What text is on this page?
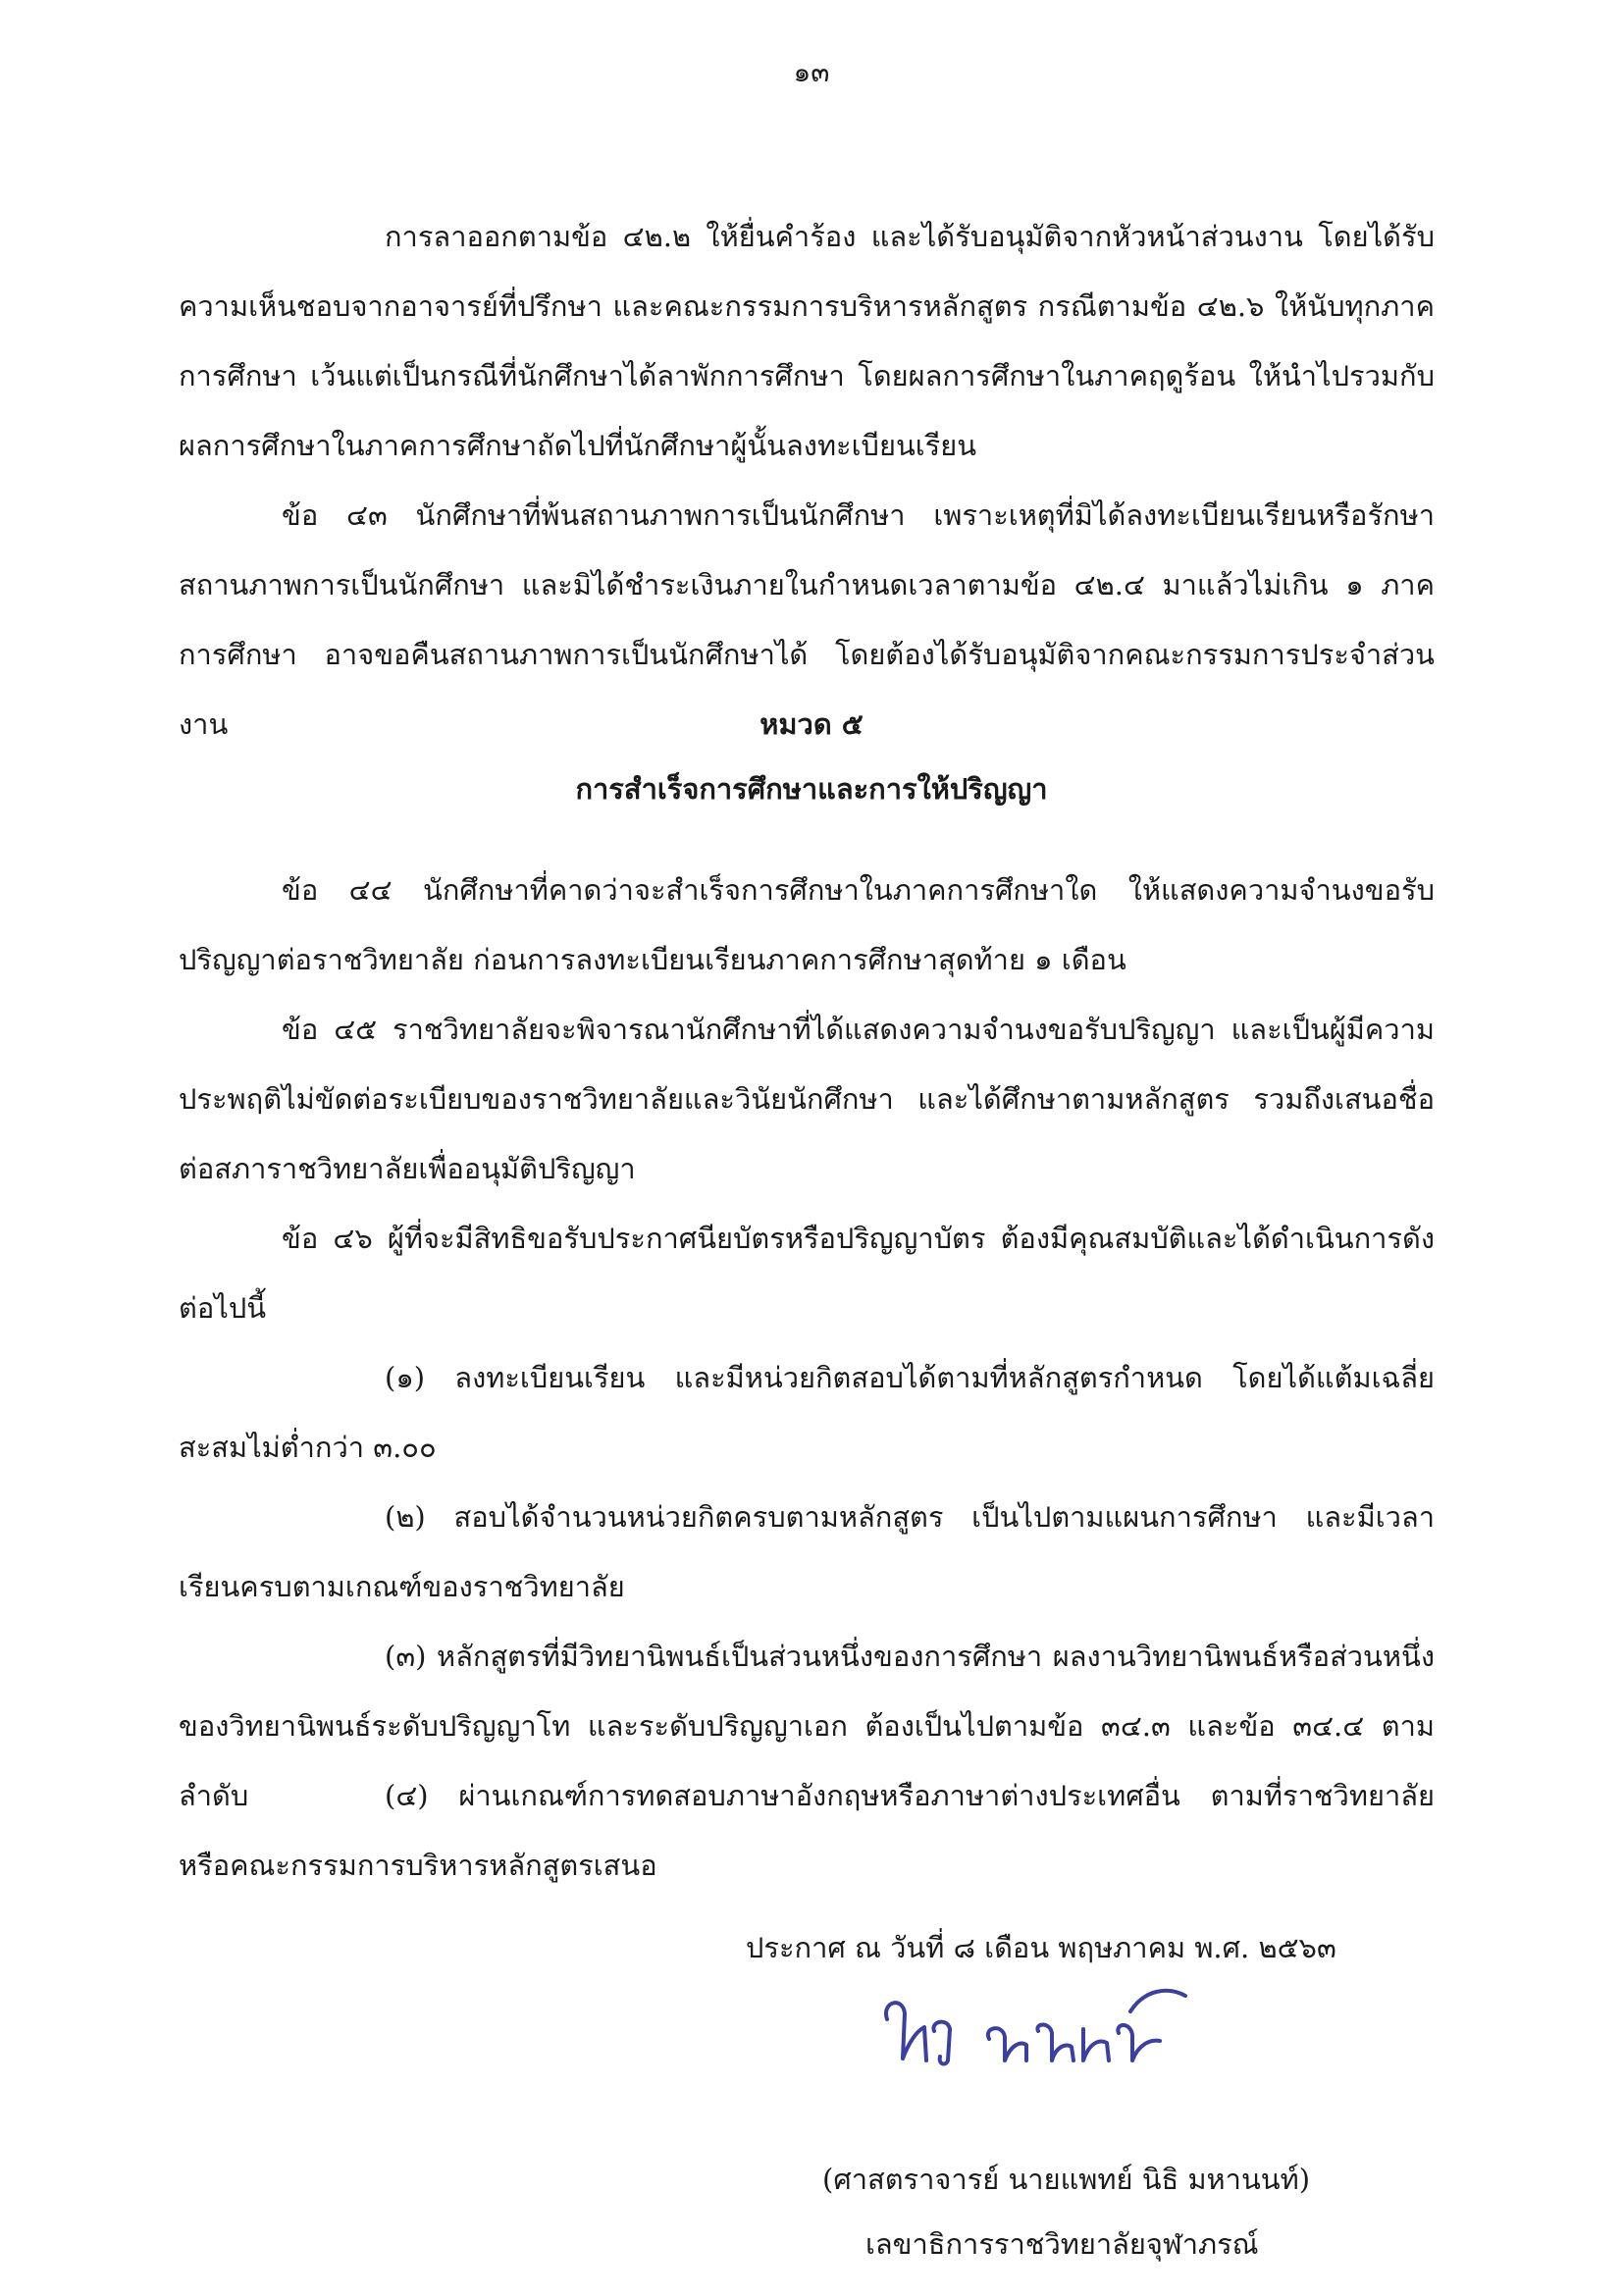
๑๓
การลาออกตามข้อ ๔๒.๒ ให้ยื่นคำร้อง และได้รับอนุมัติจากหัวหน้าส่วนงาน โดยได้รับความเห็นชอบจากอาจารย์ที่ปรึกษา และคณะกรรมการบริหารหลักสูตร กรณีตามข้อ ๔๒.๖ ให้นับทุกภาคการศึกษา เว้นแต่เป็นกรณีที่นักศึกษาได้ลาพักการศึกษา โดยผลการศึกษาในภาคฤดูร้อน ให้นำไปรวมกับผลการศึกษาในภาคการศึกษาถัดไปที่นักศึกษาผู้นั้นลงทะเบียนเรียน
ข้อ ๔๓ นักศึกษาที่พ้นสถานภาพการเป็นนักศึกษา เพราะเหตุที่มิได้ลงทะเบียนเรียนหรือรักษาสถานภาพการเป็นนักศึกษา และมิได้ชำระเงินภายในกำหนดเวลาตามข้อ ๔๒.๔ มาแล้วไม่เกิน ๑ ภาคการศึกษา อาจขอคืนสถานภาพการเป็นนักศึกษาได้ โดยต้องได้รับอนุมัติจากคณะกรรมการประจำส่วนงาน	หมวด ๕
การสำเร็จการศึกษาและการให้ปริญญา
ข้อ ๔๔ นักศึกษาที่คาดว่าจะสำเร็จการศึกษาในภาคการศึกษาใด ให้แสดงความจำนงขอรับปริญญาต่อราชวิทยาลัย ก่อนการลงทะเบียนเรียนภาคการศึกษาสุดท้าย ๑ เดือน
ข้อ ๔๕ ราชวิทยาลัยจะพิจารณานักศึกษาที่ได้แสดงความจำนงขอรับปริญญา และเป็นผู้มีความประพฤติไม่ขัดต่อระเบียบของราชวิทยาลัยและวินัยนักศึกษา และได้ศึกษาตามหลักสูตร รวมถึงเสนอชื่อต่อสภาราชวิทยาลัยเพื่ออนุมัติปริญญา
ข้อ ๔๖ ผู้ที่จะมีสิทธิขอรับประกาศนียบัตรหรือปริญญาบัตร ต้องมีคุณสมบัติและได้ดำเนินการดังต่อไปนี้
(๑) ลงทะเบียนเรียน และมีหน่วยกิตสอบได้ตามที่หลักสูตรกำหนด โดยได้แต้มเฉลี่ยสะสมไม่ต่ำกว่า ๓.๐๐
(๒) สอบได้จำนวนหน่วยกิตครบตามหลักสูตร เป็นไปตามแผนการศึกษา และมีเวลาเรียนครบตามเกณฑ์ของราชวิทยาลัย
(๓) หลักสูตรที่มีวิทยานิพนธ์เป็นส่วนหนึ่งของการศึกษา ผลงานวิทยานิพนธ์หรือส่วนหนึ่งของวิทยานิพนธ์ระดับปริญญาโท และระดับปริญญาเอก ต้องเป็นไปตามข้อ ๓๔.๓ และข้อ ๓๔.๔ ตามลำดับ	(๔) ผ่านเกณฑ์การทดสอบภาษาอังกฤษหรือภาษาต่างประเทศอื่น ตามที่ราชวิทยาลัยหรือคณะกรรมการบริหารหลักสูตรเสนอ
ประกาศ ณ วันที่ ๘ เดือน พฤษภาคม พ.ศ. ๒๕๖๓
(ศาสตราจารย์ นายแพทย์ นิธิ มหานนท์)
เลขาธิการราชวิทยาลัยจุฬาภรณ์
